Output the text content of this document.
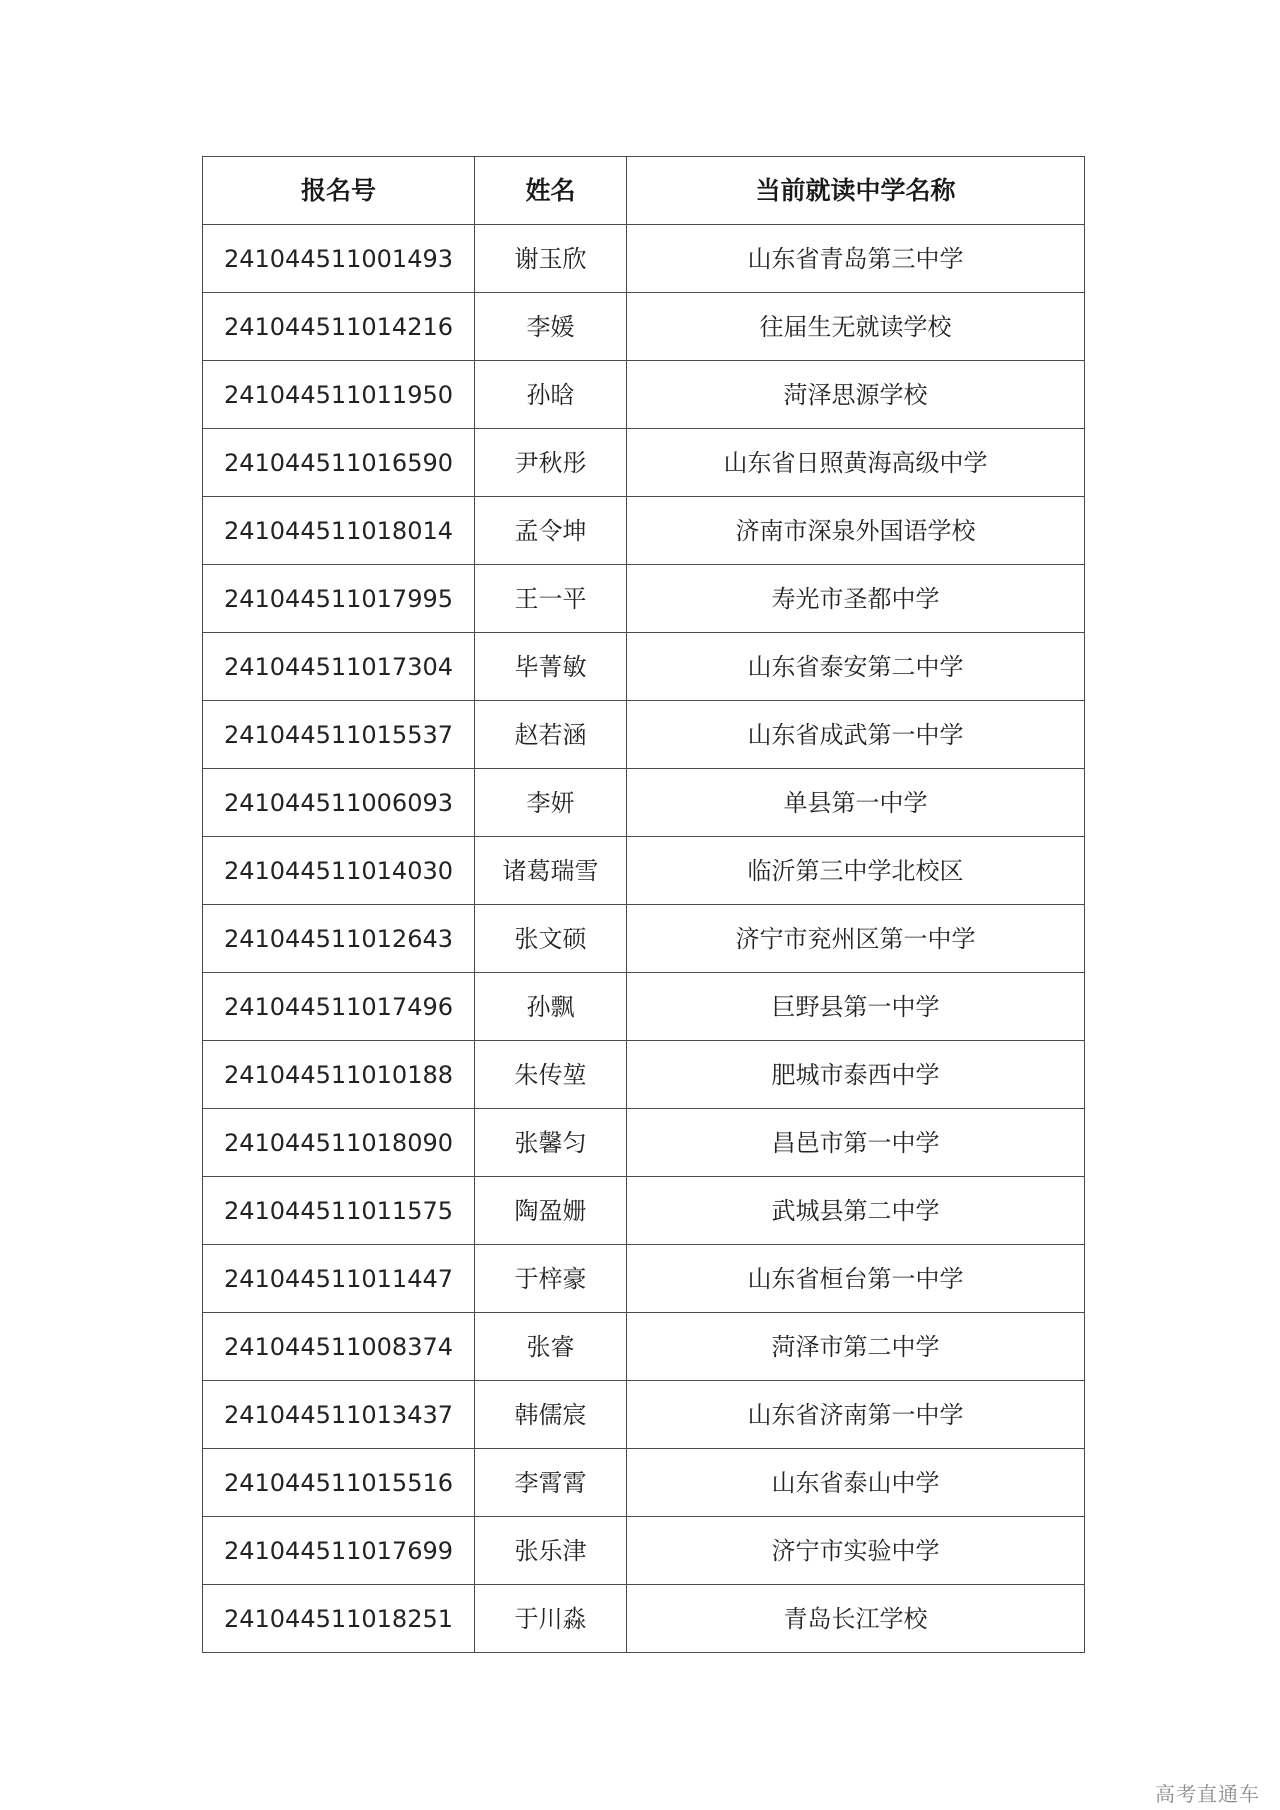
报名号	姓名	当前就读中学名称
241044511001493	谢玉欣	山东省青岛第三中学
241044511014216	李媛	往届生无就读学校
241044511011950	孙晗	菏泽思源学校
241044511016590	尹秋彤	山东省日照黄海高级中学
241044511018014	孟令坤	济南市深泉外国语学校
241044511017995	王一平	寿光市圣都中学
241044511017304	毕菁敏	山东省泰安第二中学
241044511015537	赵若涵	山东省成武第一中学
241044511006093	李妍	单县第一中学
241044511014030	诸葛瑞雪	临沂第三中学北校区
241044511012643	张文硕	济宁市兖州区第一中学
241044511017496	孙飘	巨野县第一中学
241044511010188	朱传堃	肥城市泰西中学
241044511018090	张馨匀	昌邑市第一中学
241044511011575	陶盈姗	武城县第二中学
241044511011447	于梓豪	山东省桓台第一中学
241044511008374	张睿	菏泽市第二中学
241044511013437	韩儒宸	山东省济南第一中学
241044511015516	李霄霄	山东省泰山中学
241044511017699	张乐津	济宁市实验中学
241044511018251	于川淼	青岛长江学校
高考直通车
